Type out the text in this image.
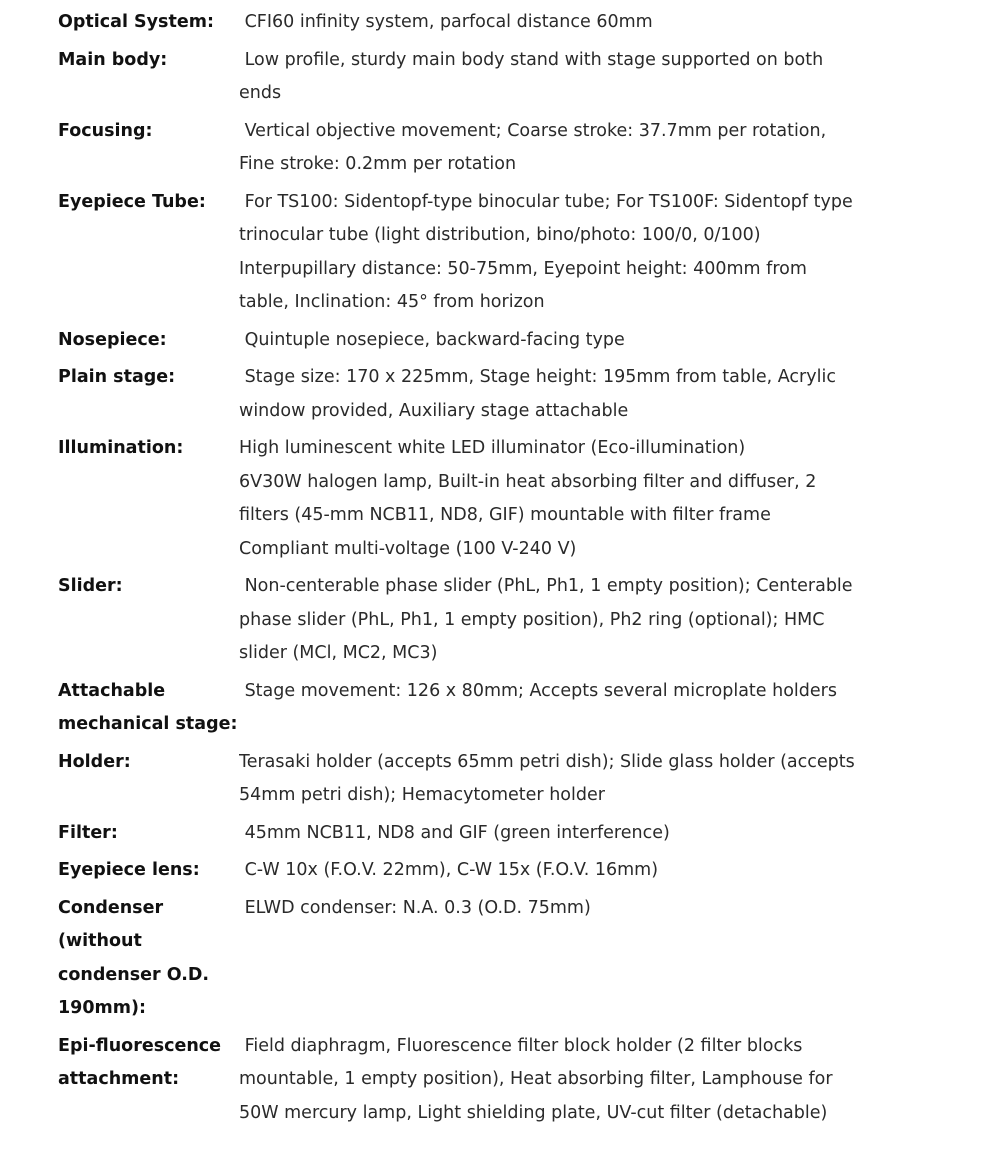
Optical System:	CFI60 infinity system, parfocal distance 60mm

Main body:	Low profile, sturdy main body stand with stage supported on both
ends

Focusing:	Vertical objective movement; Coarse stroke: 37.7mm per rotation,
Fine stroke: 0.2mm per rotation

Eyepiece Tube:	For TS100: Sidentopf-type binocular tube; For TS100F: Sidentopf type
trinocular tube (light distribution, bino/photo: 100/0, 0/100)
Interpupillary distance: 50-75mm, Eyepoint height: 400mm from
table, Inclination: 45° from horizon

Nosepiece:	Quintuple nosepiece, backward-facing type

Plain stage:	Stage size: 170 x 225mm, Stage height: 195mm from table, Acrylic
window provided, Auxiliary stage attachable

Illumination:	High luminescent white LED illuminator (Eco-illumination)
6V30W halogen lamp, Built-in heat absorbing filter and diffuser, 2
filters (45-mm NCB11, ND8, GIF) mountable with filter frame
Compliant multi-voltage (100 V-240 V)

Slider:	Non-centerable phase slider (PhL, Ph1, 1 empty position); Centerable
phase slider (PhL, Ph1, 1 empty position), Ph2 ring (optional); HMC
slider (MCl, MC2, MC3)

Attachable mechanical stage:	Stage movement: 126 x 80mm; Accepts several microplate holders

Holder:	Terasaki holder (accepts 65mm petri dish); Slide glass holder (accepts
54mm petri dish); Hemacytometer holder

Filter:	45mm NCB11, ND8 and GIF (green interference)

Eyepiece lens:	C-W 10x (F.O.V. 22mm), C-W 15x (F.O.V. 16mm)

Condenser (without condenser O.D. 190mm):	ELWD condenser: N.A. 0.3 (O.D. 75mm)

Epi-fluorescence attachment:	Field diaphragm, Fluorescence filter block holder (2 filter blocks
mountable, 1 empty position), Heat absorbing filter, Lamphouse for
50W mercury lamp, Light shielding plate, UV-cut filter (detachable)
